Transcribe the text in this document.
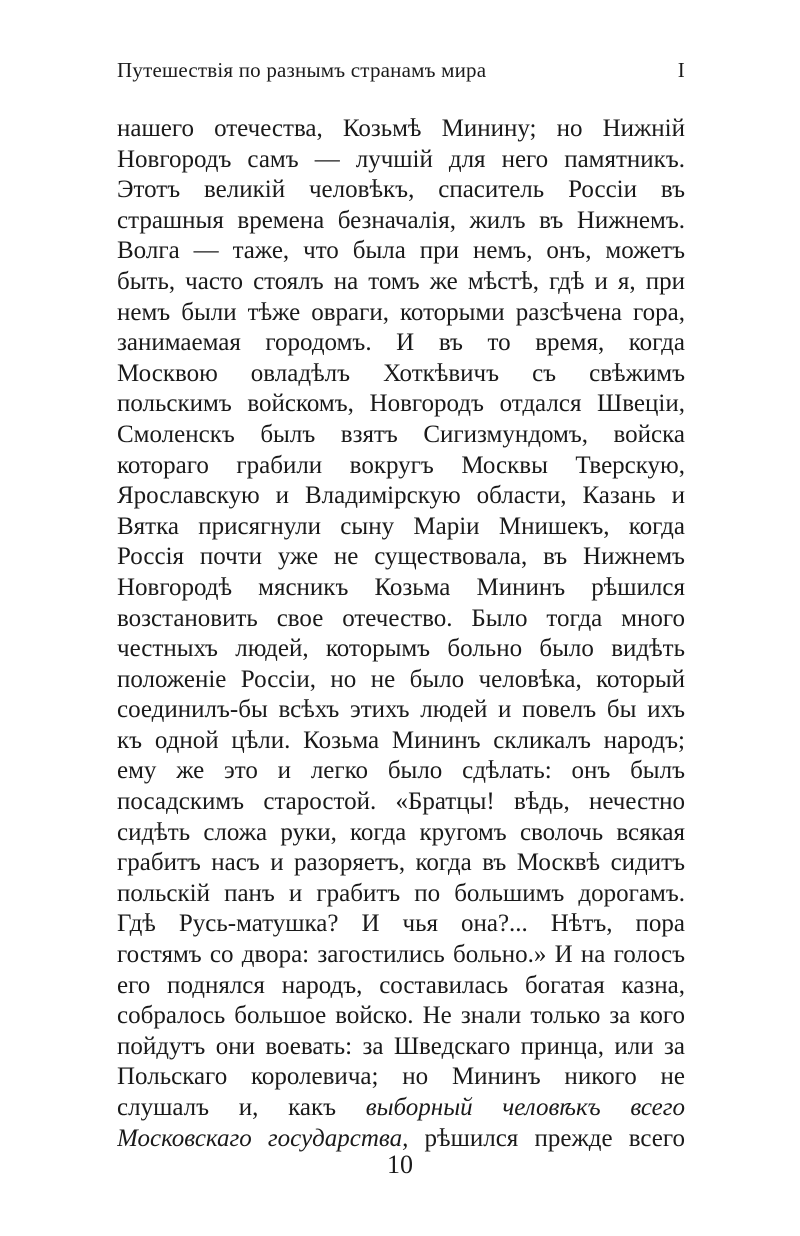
Путешествія по разнымъ странамъ мира	I
нашего отечества, Козьмѣ Минину; но Нижній
Новгородъ самъ — лучшій для него памятникъ.
Этотъ великій человѣкъ, спаситель Россіи въ
страшныя времена безначалія, жилъ въ Нижнемъ.
Волга — таже, что была при немъ, онъ, можетъ
быть, часто стоялъ на томъ же мѣстѣ, гдѣ и я, при
немъ были тѣже овраги, которыми разсѣчена гора,
занимаемая городомъ. И въ то время, когда
Москвою овладѣлъ Хоткѣвичъ съ свѣжимъ
польскимъ войскомъ, Новгородъ отдался Швеціи,
Смоленскъ былъ взятъ Сигизмундомъ, войска
котораго грабили вокругъ Москвы Тверскую,
Ярославскую и Владимірскую области, Казань и
Вятка присягнули сыну Маріи Мнишекъ, когда
Россія почти уже не существовала, въ Нижнемъ
Новгородѣ мясникъ Козьма Мининъ рѣшился
возстановить свое отечество. Было тогда много
честныхъ людей, которымъ больно было видѣть
положеніе Россіи, но не было человѣка, который
соединилъ-бы всѣхъ этихъ людей и повелъ бы ихъ
къ одной цѣли. Козьма Мининъ скликалъ народъ;
ему же это и легко было сдѣлать: онъ былъ
посадскимъ старостой. «Братцы! вѣдь, нечестно
сидѣть сложа руки, когда кругомъ сволочь всякая
грабитъ насъ и разоряетъ, когда въ Москвѣ сидитъ
польскій панъ и грабитъ по большимъ дорогамъ.
Гдѣ Русь-матушка? И чья она?... Нѣтъ, пора
гостямъ со двора: загостились больно.» И на голосъ
его поднялся народъ, составилась богатая казна,
собралось большое войско. Не знали только за кого
пойдутъ они воевать: за Шведскаго принца, или за
Польскаго королевича; но Мининъ никого не
слушалъ и, какъ выборный человѣкъ всего
Московскаго государства, рѣшился прежде всего
10
